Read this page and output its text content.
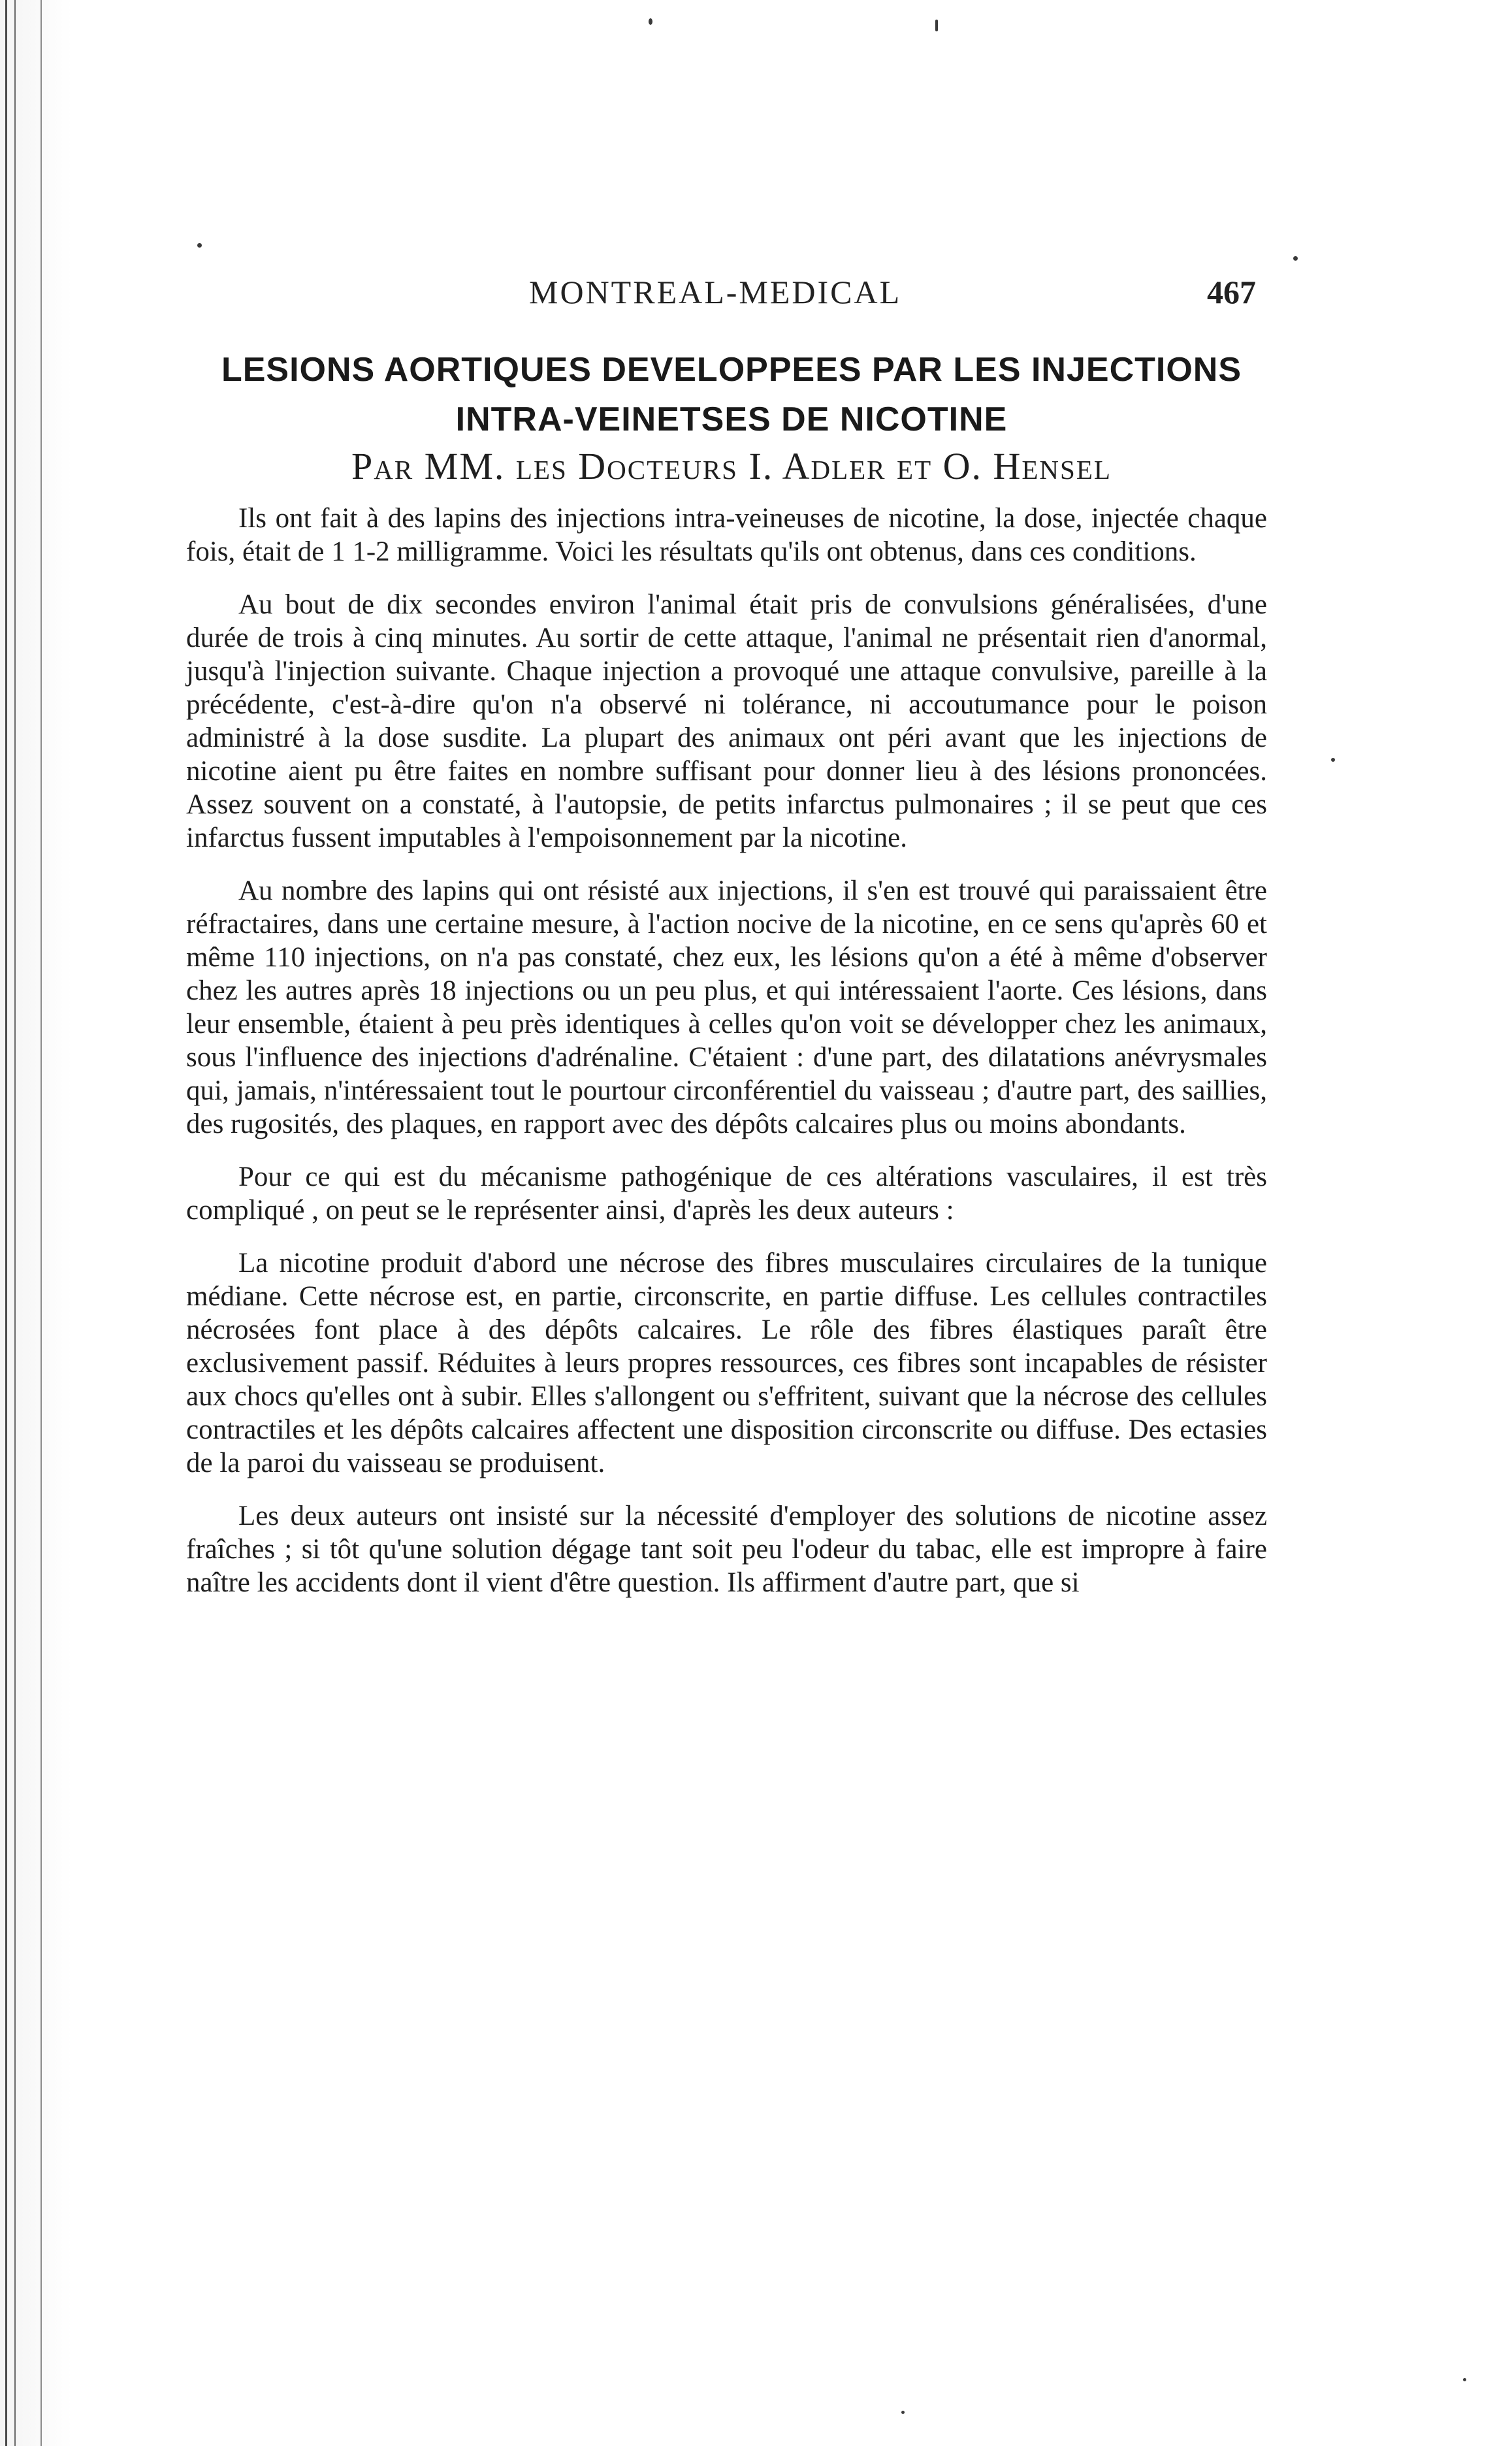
MONTREAL-MEDICAL	467
LESIONS AORTIQUES DEVELOPPEES PAR LES INJECTIONS
INTRA-VEINETSES DE NICOTINE
Par MM. les Docteurs I. Adler et O. Hensel

Ils ont fait à des lapins des injections intra-veineuses de nicotine, la dose, injectée chaque fois, était de 1 1-2 milligramme. Voici les résultats qu'ils ont obtenus, dans ces conditions.

Au bout de dix secondes environ l'animal était pris de convulsions généralisées, d'une durée de trois à cinq minutes. Au sortir de cette attaque, l'animal ne présentait rien d'anormal, jusqu'à l'injection suivante. Chaque injection a provoqué une attaque convulsive, pareille à la précédente, c'est-à-dire qu'on n'a observé ni tolérance, ni accoutumance pour le poison administré à la dose susdite. La plupart des animaux ont péri avant que les injections de nicotine aient pu être faites en nombre suffisant pour donner lieu à des lésions prononcées. Assez souvent on a constaté, à l'autopsie, de petits infarctus pulmonaires ; il se peut que ces infarctus fussent imputables à l'empoisonnement par la nicotine.

Au nombre des lapins qui ont résisté aux injections, il s'en est trouvé qui paraissaient être réfractaires, dans une certaine mesure, à l'action nocive de la nicotine, en ce sens qu'après 60 et même 110 injections, on n'a pas constaté, chez eux, les lésions qu'on a été à même d'observer chez les autres après 18 injections ou un peu plus, et qui intéressaient l'aorte. Ces lésions, dans leur ensemble, étaient à peu près identiques à celles qu'on voit se développer chez les animaux, sous l'influence des injections d'adrénaline. C'étaient : d'une part, des dilatations anévrysmales qui, jamais, n'intéressaient tout le pourtour circonférentiel du vaisseau ; d'autre part, des saillies, des rugosités, des plaques, en rapport avec des dépôts calcaires plus ou moins abondants.

Pour ce qui est du mécanisme pathogénique de ces altérations vasculaires, il est très compliqué , on peut se le représenter ainsi, d'après les deux auteurs :

La nicotine produit d'abord une nécrose des fibres musculaires circulaires de la tunique médiane. Cette nécrose est, en partie, circonscrite, en partie diffuse. Les cellules contractiles nécrosées font place à des dépôts calcaires. Le rôle des fibres élastiques paraît être exclusivement passif. Réduites à leurs propres ressources, ces fibres sont incapables de résister aux chocs qu'elles ont à subir. Elles s'allongent ou s'effritent, suivant que la nécrose des cellules contractiles et les dépôts calcaires affectent une disposition circonscrite ou diffuse. Des ectasies de la paroi du vaisseau se produisent.

Les deux auteurs ont insisté sur la nécessité d'employer des solutions de nicotine assez fraîches ; si tôt qu'une solution dégage tant soit peu l'odeur du tabac, elle est impropre à faire naître les accidents dont il vient d'être question. Ils affirment d'autre part, que si
